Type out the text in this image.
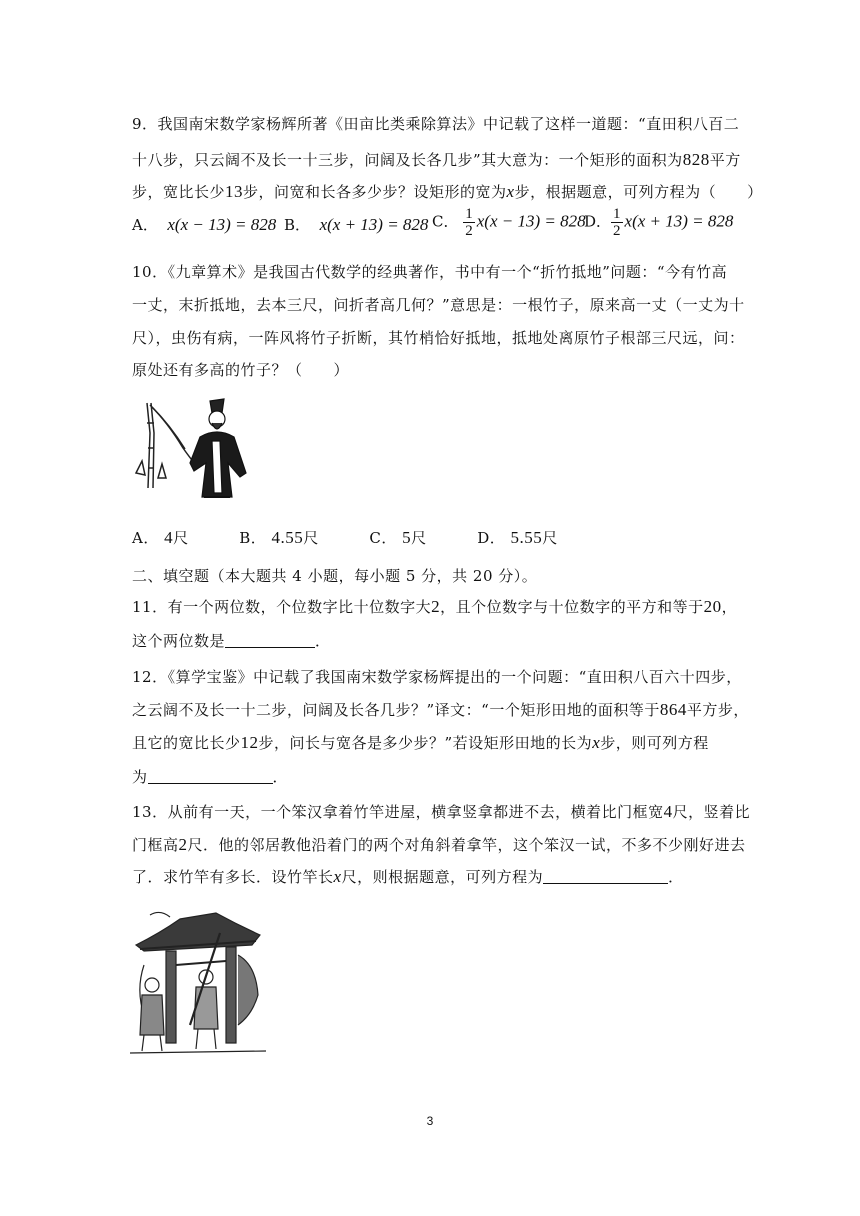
9．我国南宋数学家杨辉所著《田亩比类乘除算法》中记载了这样一道题：“直田积八百二
十八步，只云阔不及长一十三步，问阔及长各几步”其大意为：一个矩形的面积为828平方
步，宽比长少13步，问宽和长各多少步？设矩形的宽为x步，根据题意，可列方程为（　　）
A． x(x − 13) = 828 B． x(x + 13) = 828 C． $\frac{1}{2} x(x - 13) = 828$
D． $\frac{1}{2} x(x + 13) = 828$
10．《九章算术》是我国古代数学的经典著作，书中有一个“折竹抵地”问题：“今有竹高
一丈，末折抵地，去本三尺，问折者高几何？”意思是：一根竹子，原来高一丈（一丈为十
尺），虫伤有病，一阵风将竹子折断，其竹梢恰好抵地，抵地处离原竹子根部三尺远，问：
原处还有多高的竹子？（　　）
A． 4尺	B． 4.55尺	C． 5尺	D． 5.55尺
二、填空题（本大题共 4 小题，每小题 5 分，共 20 分）。
11．有一个两位数，个位数字比十位数字大2，且个位数字与十位数字的平方和等于20，
这个两位数是	．
12．《算学宝鉴》中记载了我国南宋数学家杨辉提出的一个问题：“直田积八百六十四步，
之云阔不及长一十二步，问阔及长各几步？”译文：“一个矩形田地的面积等于864平方步，
且它的宽比长少12步，问长与宽各是多少步？”若设矩形田地的长为x步，则可列方程
为	．
13．从前有一天，一个笨汉拿着竹竿进屋，横拿竖拿都进不去，横着比门框宽4尺，竖着比
门框高2尺．他的邻居教他沿着门的两个对角斜着拿竿，这个笨汉一试，不多不少刚好进去
了．求竹竿有多长．设竹竿长x尺，则根据题意，可列方程为	．
3
